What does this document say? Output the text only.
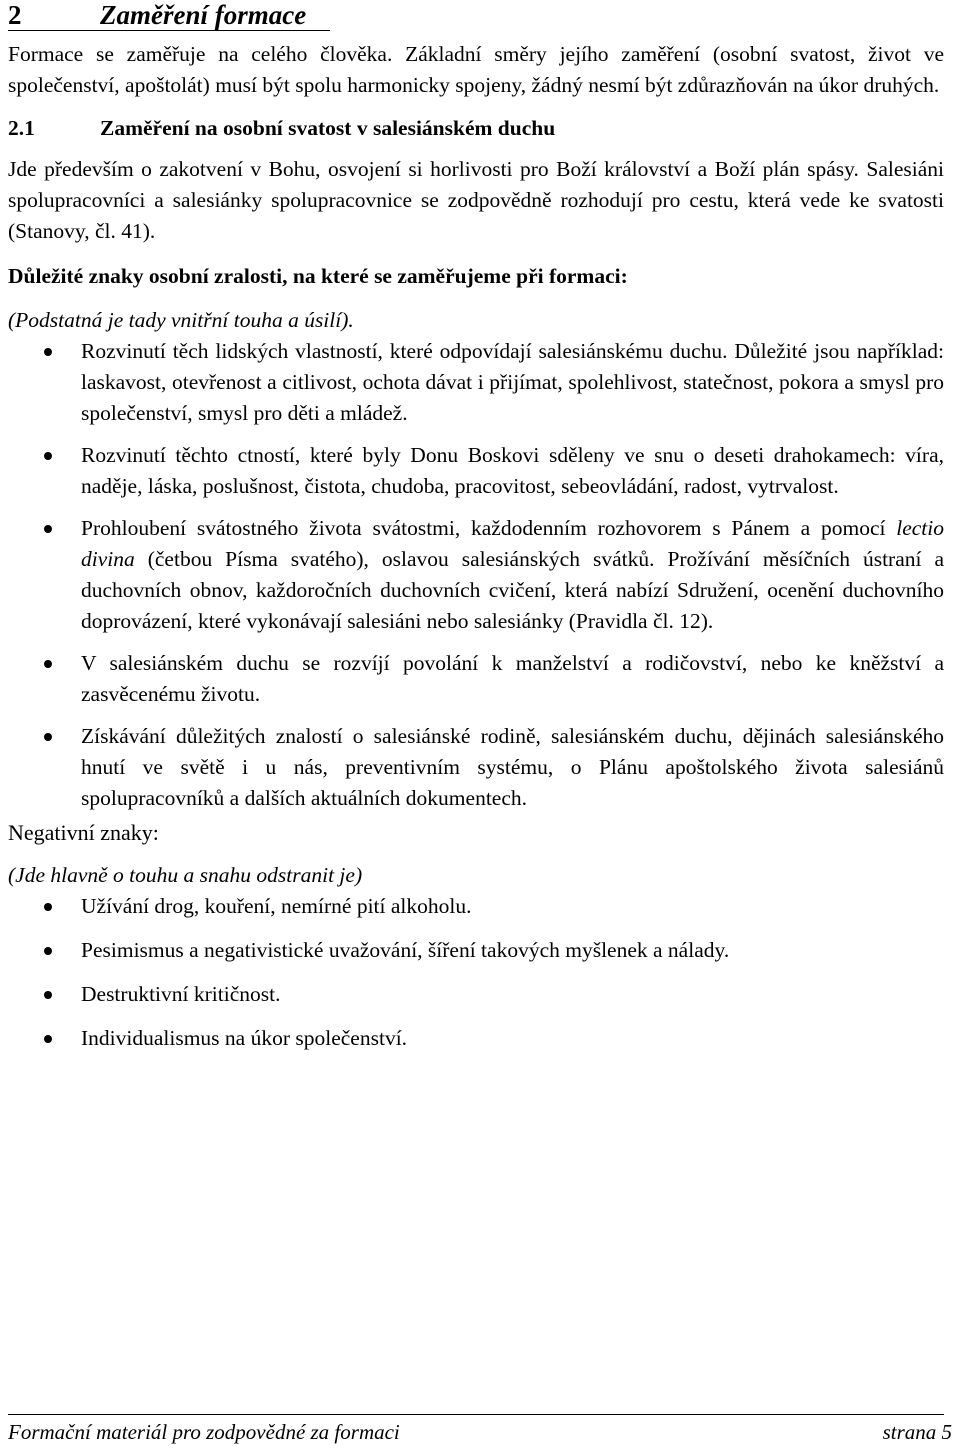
2	Zaměření formace

Formace se zaměřuje na celého člověka. Základní směry jejího zaměření (osobní svatost, život ve společenství, apoštolát) musí být spolu harmonicky spojeny, žádný nesmí být zdůrazňován na úkor druhých.

2.1	Zaměření na osobní svatost v salesiánském duchu

Jde především o zakotvení v Bohu, osvojení si horlivosti pro Boží království a Boží plán spásy. Salesiáni spolupracovníci a salesiánky spolupracovnice se zodpovědně rozhodují pro cestu, která vede ke svatosti (Stanovy, čl. 41).

Důležité znaky osobní zralosti, na které se zaměřujeme při formaci:
(Podstatná je tady vnitřní touha a úsilí).
Rozvinutí těch lidských vlastností, které odpovídají salesiánskému duchu. Důležité jsou například: laskavost, otevřenost a citlivost, ochota dávat i přijímat, spolehlivost, statečnost, pokora a smysl pro společenství, smysl pro děti a mládež.
Rozvinutí těchto ctností, které byly Donu Boskovi sděleny ve snu o deseti drahokamech: víra, naděje, láska, poslušnost, čistota, chudoba, pracovitost, sebeovládání, radost, vytrvalost.
Prohloubení svátostného života svátostmi, každodenním rozhovorem s Pánem a pomocí lectio divina (četbou Písma svatého), oslavou salesiánských svátků. Prožívání měsíčních ústraní a duchovních obnov, každoročních duchovních cvičení, která nabízí Sdružení, ocenění duchovního doprovázení, které vykonávají salesiáni nebo salesiánky (Pravidla čl. 12).
V salesiánském duchu se rozvíjí povolání k manželství a rodičovství, nebo ke kněžství a zasvěcenému životu.
Získávání důležitých znalostí o salesiánské rodině, salesiánském duchu, dějinách salesiánského hnutí ve světě i u nás, preventivním systému, o Plánu apoštolského života salesiánů spolupracovníků a dalších aktuálních dokumentech.
Negativní znaky:
(Jde hlavně o touhu a snahu odstranit je)
Užívání drog, kouření, nemírné pití alkoholu.
Pesimismus a negativistické uvažování, šíření takových myšlenek a nálady.
Destruktivní kritičnost.
Individualismus na úkor společenství.
Formační materiál pro zodpovědné za formaci	strana 5
